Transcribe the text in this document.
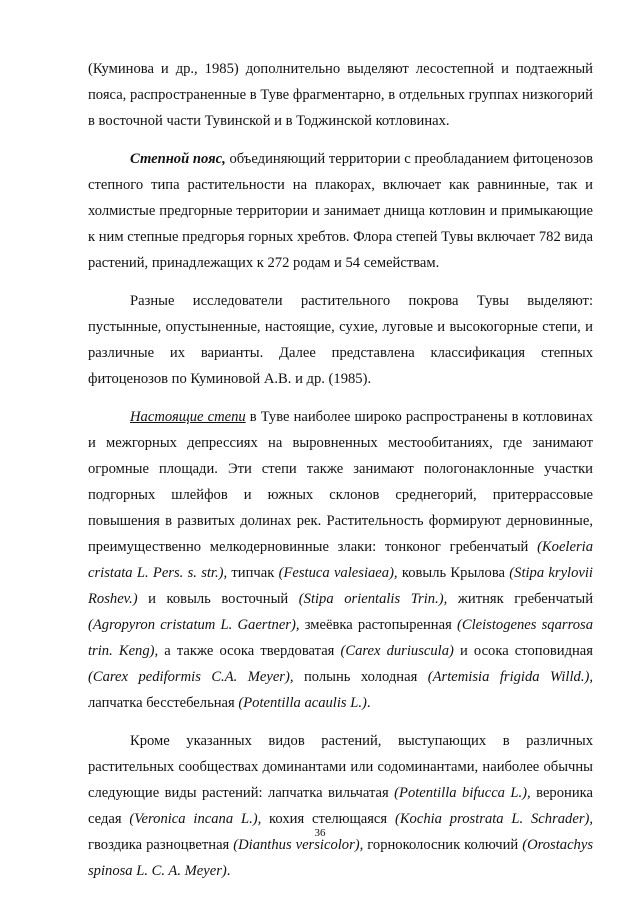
(Куминова и др., 1985) дополнительно выделяют лесостепной и подтаежный пояса, распространенные в Туве фрагментарно, в отдельных группах низкогорий в восточной части Тувинской и в Тоджинской котловинах.

Степной пояс, объединяющий территории с преобладанием фитоценозов степного типа растительности на плакорах, включает как равнинные, так и холмистые предгорные территории и занимает днища котловин и примыкающие к ним степные предгорья горных хребтов. Флора степей Тувы включает 782 вида растений, принадлежащих к 272 родам и 54 семействам.

Разные исследователи растительного покрова Тувы выделяют: пустынные, опустыненные, настоящие, сухие, луговые и высокогорные степи, и различные их варианты. Далее представлена классификация степных фитоценозов по Куминовой А.В. и др. (1985).

Настоящие степи в Туве наиболее широко распространены в котловинах и межгорных депрессиях на выровненных местообитаниях, где занимают огромные площади. Эти степи также занимают пологонаклонные участки подгорных шлейфов и южных склонов среднегорий, притеррассовые повышения в развитых долинах рек. Растительность формируют дерновинные, преимущественно мелкодерновинные злаки: тонконог гребенчатый (Koeleria cristata L. Pers. s. str.), типчак (Festuca valesiaea), ковыль Крылова (Stipa krylovii Roshev.) и ковыль восточный (Stipa orientalis Trin.), житняк гребенчатый (Agropyron cristatum L. Gaertner), змеёвка растопыренная (Cleistogenes sqarrosa trin. Keng), а также осока твердоватая (Carex duriuscula) и осока стоповидная (Carex pediformis C.A. Meyer), полынь холодная (Artemisia frigida Willd.), лапчатка бесстебельная (Potentilla acaulis L.).

Кроме указанных видов растений, выступающих в различных растительных сообществах доминантами или содоминантами, наиболее обычны следующие виды растений: лапчатка вильчатая (Potentilla bifucca L.), вероника седая (Veronica incana L.), кохия стелющаяся (Kochia prostrata L. Schrader), гвоздика разноцветная (Dianthus versicolor), горноколосник колючий (Orostachys spinosa L. C. A. Meyer).

36
